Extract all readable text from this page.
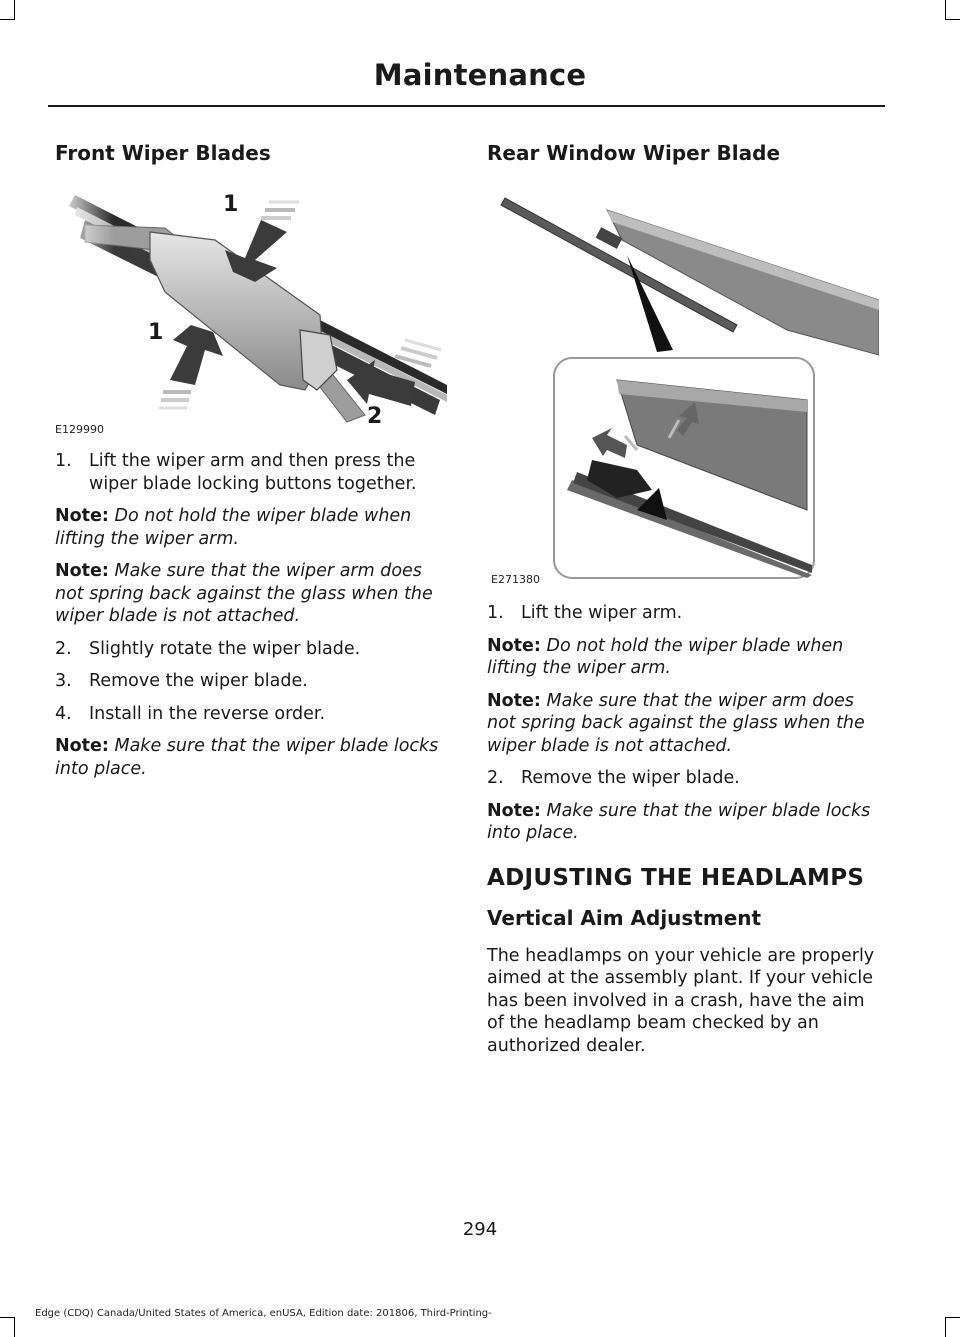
Maintenance
Front Wiper Blades
1
1
2
E129990

1. Lift the wiper arm and then press the wiper blade locking buttons together.

Note: Do not hold the wiper blade when lifting the wiper arm.

Note: Make sure that the wiper arm does not spring back against the glass when the wiper blade is not attached.

2. Slightly rotate the wiper blade.

3. Remove the wiper blade.

4. Install in the reverse order.

Note: Make sure that the wiper blade locks into place.

Rear Window Wiper Blade
E271380

1. Lift the wiper arm.

Note: Do not hold the wiper blade when lifting the wiper arm.

Note: Make sure that the wiper arm does not spring back against the glass when the wiper blade is not attached.

2. Remove the wiper blade.

Note: Make sure that the wiper blade locks into place.

ADJUSTING THE HEADLAMPS
Vertical Aim Adjustment

The headlamps on your vehicle are properly aimed at the assembly plant. If your vehicle has been involved in a crash, have the aim of the headlamp beam checked by an authorized dealer.

294
Edge (CDQ) Canada/United States of America, enUSA, Edition date: 201806, Third-Printing-
